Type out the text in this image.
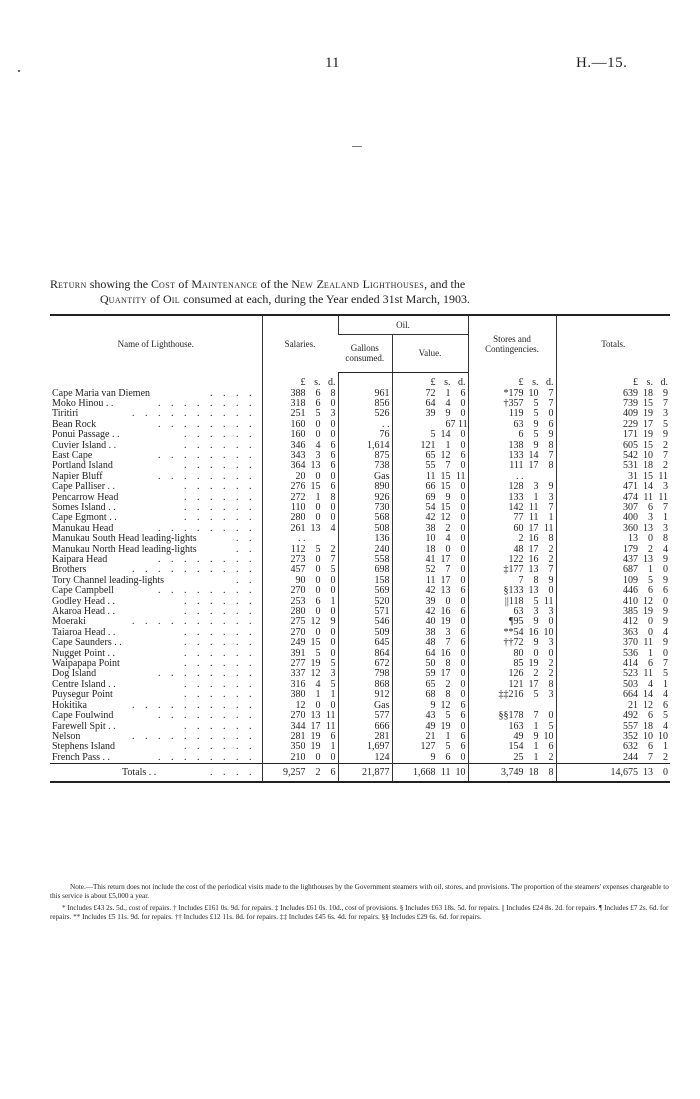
11	H.—15.
Return showing the Cost of Maintenance of the New Zealand Lighthouses, and the
Quantity of Oil consumed at each, during the Year ended 31st March, 1903.
Name of Lighthouse.	Salaries.	Oil.		Stores and Contingencies.	Totals.
		Gallons consumed.	Value.		
	£ s. d.		£ s. d.	£ s. d.	£ s. d.
Cape Maria van Diemen . . . .	388 6 8	961	72 1 6	*179 10 7	639 18 9
Moko Hinou . . . . . . . . . .	318 6 0	856	64 4 0	†357 5 7	739 15 7
Tiritiri . . . . . . . . . .	251 5 3	526	39 9 0	119 5 0	409 19 3
Bean Rock . . . . . . . .	160 0 0	. .	67 11	63 9 6	229 17 5
Ponui Passage . . . . . . . .	160 0 0	76	5 14 0	6 5 9	171 19 9
Cuvier Island . . . . . . . .	346 4 6	1,614	121 1 0	138 9 8	605 15 2
East Cape . . . . . . . .	343 3 6	875	65 12 6	133 14 7	542 10 7
Portland Island . . . . . .	364 13 6	738	55 7 0	111 17 8	531 18 2
Napier Bluff . . . . . . . .	20 0 0	Gas	11 15 11	. .	31 15 11
Cape Palliser . . . . . . . .	276 15 6	890	66 15 0	128 3 9	471 14 3
Pencarrow Head . . . . . .	272 1 8	926	69 9 0	133 1 3	474 11 11
Somes Island . . . . . . . .	110 0 0	730	54 15 0	142 11 7	307 6 7
Cape Egmont . . . . . . . .	280 0 0	568	42 12 0	77 11 1	400 3 1
Manukau Head . . . . . . . .	261 13 4	508	38 2 0	60 17 11	360 13 3
Manukau South Head leading-lights . .	. .	136	10 4 0	2 16 8	13 0 8
Manukau North Head leading-lights . .	112 5 2	240	18 0 0	48 17 2	179 2 4
Kaipara Head . . . . . . . .	273 0 7	558	41 17 0	122 16 2	437 13 9
Brothers . . . . . . . . . .	457 0 5	698	52 7 0	‡177 13 7	687 1 0
Tory Channel leading-lights . .	90 0 0	158	11 17 0	7 8 9	109 5 9
Cape Campbell . . . . . . . .	270 0 0	569	42 13 6	§133 13 0	446 6 6
Godley Head . . . . . . . .	253 6 1	520	39 0 0	||118 5 11	410 12 0
Akaroa Head . . . . . . . .	280 0 0	571	42 16 6	63 3 3	385 19 9
Moeraki . . . . . . . . . .	275 12 9	546	40 19 0	¶95 9 0	412 0 9
Taiaroa Head . . . . . . . .	270 0 0	509	38 3 6	**54 16 10	363 0 4
Cape Saunders . . . . . . . .	249 15 0	645	48 7 6	††72 9 3	370 11 9
Nugget Point . . . . . . . .	391 5 0	864	64 16 0	80 0 0	536 1 0
Waipapapa Point . . . . . .	277 19 5	672	50 8 0	85 19 2	414 6 7
Dog Island . . . . . . . .	337 12 3	798	59 17 0	126 2 2	523 11 5
Centre Island . . . . . . . .	316 4 5	868	65 2 0	121 17 8	503 4 1
Puysegur Point . . . . . .	380 1 1	912	68 8 0	‡‡216 5 3	664 14 4
Hokitika . . . . . . . . . .	12 0 0	Gas	9 12 6		21 12 6
Cape Foulwind . . . . . . . .	270 13 11	577	43 5 6	§§178 7 0	492 6 5
Farewell Spit . . . . . . . .	344 17 11	666	49 19 0	163 1 5	557 18 4
Nelson . . . . . . . . . .	281 19 6	281	21 1 6	49 9 10	352 10 10
Stephens Island . . . . . .	350 19 1	1,697	127 5 6	154 1 6	632 6 1
French Pass . . . . . . . . . .	210 0 0	124	9 6 0	25 1 2	244 7 2
Totals . . . . . .	9,257 2 6	21,877	1,668 11 10	3,749 18 8	14,675 13 0

Note.—This return does not include the cost of the periodical visits made to the lighthouses by the Government steamers with oil, stores, and provisions. The proportion of the steamers' expenses chargeable to this service is about £5,000 a year.

* Includes £43 2s. 5d., cost of repairs. † Includes £161 0s. 9d. for repairs. ‡ Includes £61 0s. 10d., cost of provisions. § Includes £63 18s. 5d. for repairs. || Includes £24 8s. 2d. for repairs. ¶ Includes £7 2s. 6d. for repairs. ** Includes £5 11s. 9d. for repairs. †† Includes £12 11s. 8d. for repairs. ‡‡ Includes £45 6s. 4d. for repairs. §§ Includes £29 6s. 6d. for repairs.
